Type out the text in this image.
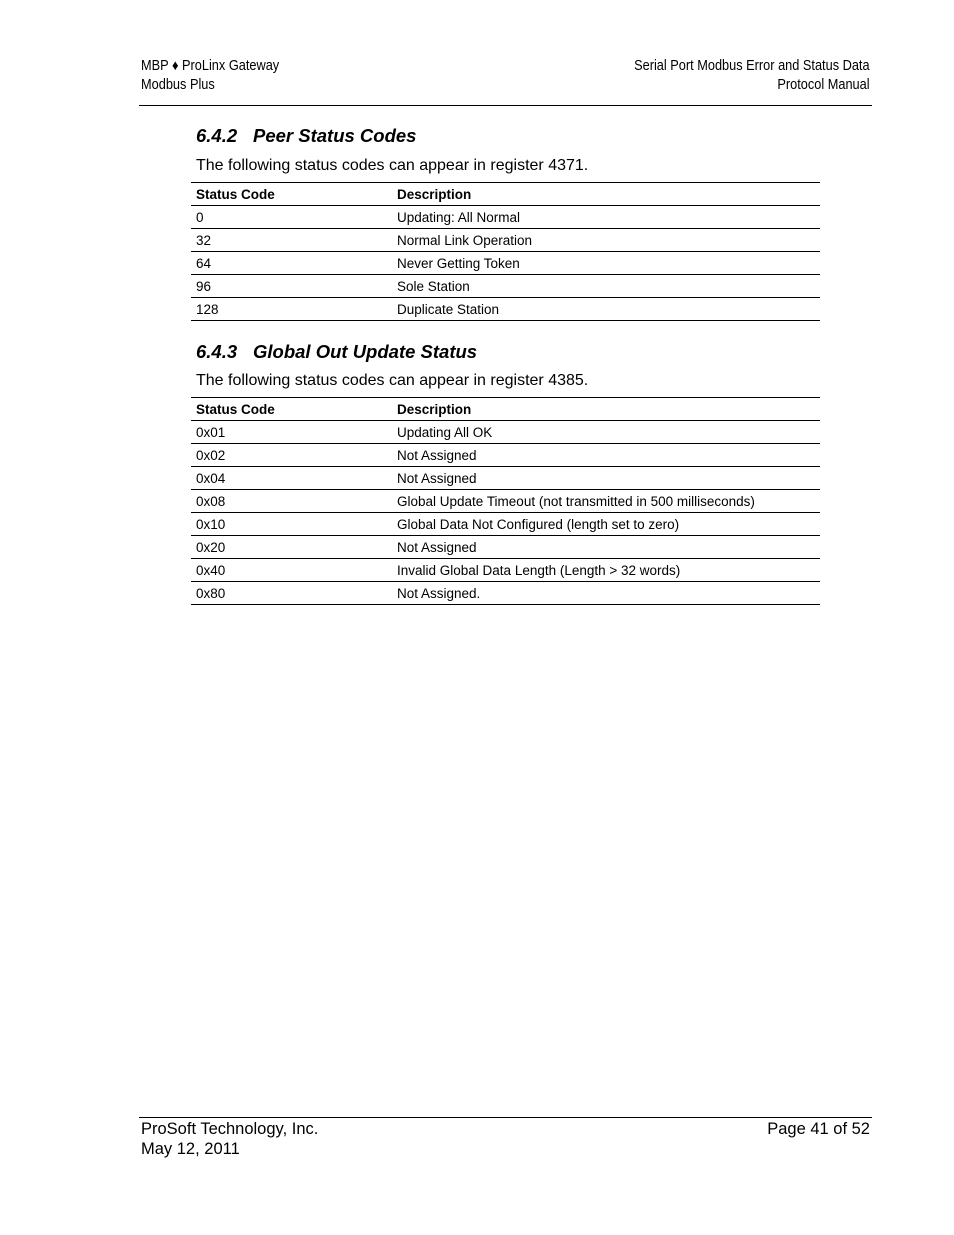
MBP ♦ ProLinx Gateway
Modbus Plus
Serial Port Modbus Error and Status Data
Protocol Manual
6.4.2 Peer Status Codes

The following status codes can appear in register 4371.

Status Code	Description
0	Updating: All Normal
32	Normal Link Operation
64	Never Getting Token
96	Sole Station
128	Duplicate Station
6.4.3 Global Out Update Status

The following status codes can appear in register 4385.

Status Code	Description
0x01	Updating All OK
0x02	Not Assigned
0x04	Not Assigned
0x08	Global Update Timeout (not transmitted in 500 milliseconds)
0x10	Global Data Not Configured (length set to zero)
0x20	Not Assigned
0x40	Invalid Global Data Length (Length > 32 words)
0x80	Not Assigned.
ProSoft Technology, Inc.
May 12, 2011
Page 41 of 52
